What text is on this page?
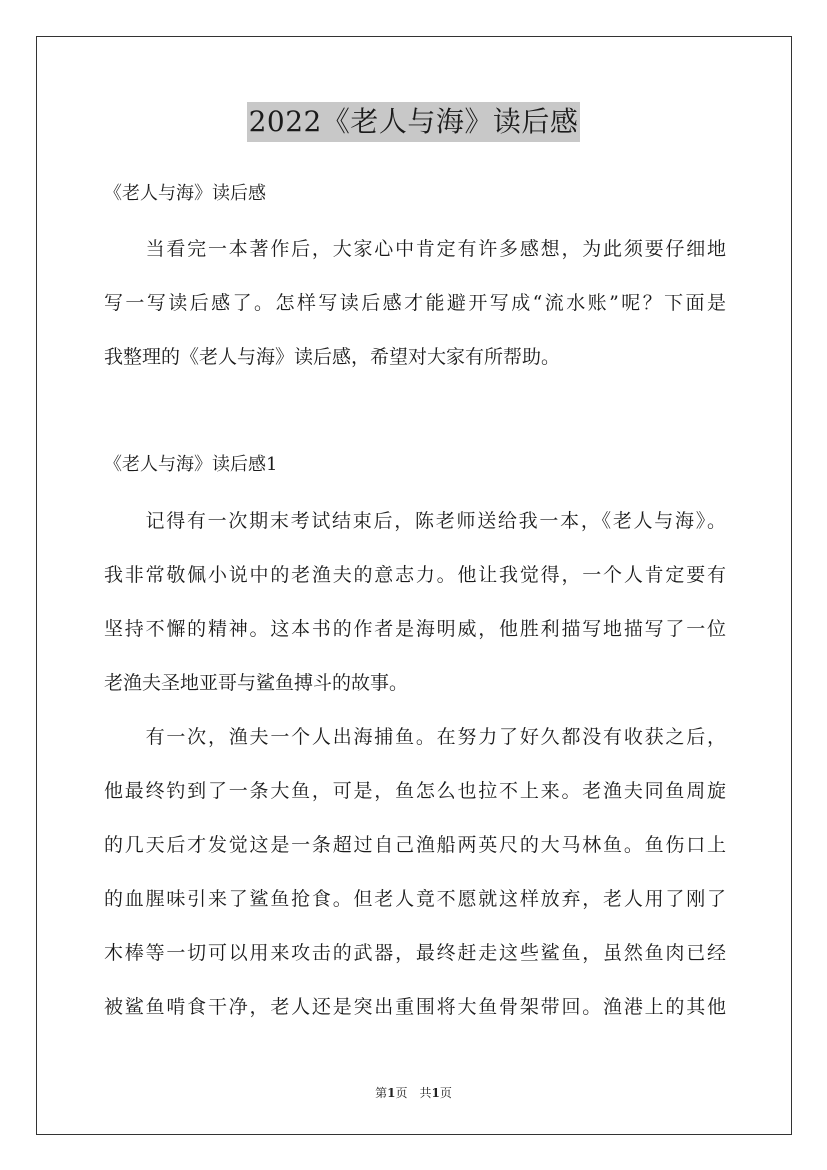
2022《老人与海》读后感
《老人与海》读后感
　　当看完一本著作后，大家心中肯定有许多感想，为此须要仔细地
写一写读后感了。怎样写读后感才能避开写成“流水账”呢？下面是
我整理的《老人与海》读后感，希望对大家有所帮助。
《老人与海》读后感1
　　记得有一次期末考试结束后，陈老师送给我一本，《老人与海》。
我非常敬佩小说中的老渔夫的意志力。他让我觉得，一个人肯定要有
坚持不懈的精神。这本书的作者是海明威，他胜利描写地描写了一位
老渔夫圣地亚哥与鲨鱼搏斗的故事。
　　有一次，渔夫一个人出海捕鱼。在努力了好久都没有收获之后，
他最终钓到了一条大鱼，可是，鱼怎么也拉不上来。老渔夫同鱼周旋
的几天后才发觉这是一条超过自己渔船两英尺的大马林鱼。鱼伤口上
的血腥味引来了鲨鱼抢食。但老人竟不愿就这样放弃，老人用了刚了
木棒等一切可以用来攻击的武器，最终赶走这些鲨鱼，虽然鱼肉已经
被鲨鱼啃食干净，老人还是突出重围将大鱼骨架带回。渔港上的其他
第1页　共1页
